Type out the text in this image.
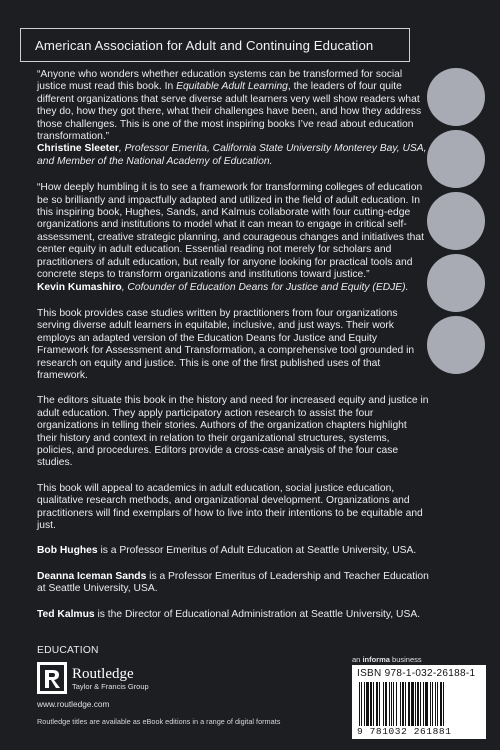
American Association for Adult and Continuing Education
“Anyone who wonders whether education systems can be transformed for social justice must read this book. In Equitable Adult Learning, the leaders of four quite different organizations that serve diverse adult learners very well show readers what they do, how they got there, what their challenges have been, and how they address those challenges. This is one of the most inspiring books I’ve read about education transformation.”
Christine Sleeter, Professor Emerita, California State University Monterey Bay, USA, and Member of the National Academy of Education.
“How deeply humbling it is to see a framework for transforming colleges of education be so brilliantly and impactfully adapted and utilized in the field of adult education. In this inspiring book, Hughes, Sands, and Kalmus collaborate with four cutting-edge organizations and institutions to model what it can mean to engage in critical self-assessment, creative strategic planning, and courageous changes and initiatives that center equity in adult education. Essential reading not merely for scholars and practitioners of adult education, but really for anyone looking for practical tools and concrete steps to transform organizations and institutions toward justice.”
Kevin Kumashiro, Cofounder of Education Deans for Justice and Equity (EDJE).

This book provides case studies written by practitioners from four organizations serving diverse adult learners in equitable, inclusive, and just ways. Their work employs an adapted version of the Education Deans for Justice and Equity Framework for Assessment and Transformation, a comprehensive tool grounded in research on equity and justice. This is one of the first published uses of that framework.

The editors situate this book in the history and need for increased equity and justice in adult education. They apply participatory action research to assist the four organizations in telling their stories. Authors of the organization chapters highlight their history and context in relation to their organizational structures, systems, policies, and procedures. Editors provide a cross-case analysis of the four case studies.

This book will appeal to academics in adult education, social justice education, qualitative research methods, and organizational development. Organizations and practitioners will find exemplars of how to live into their intentions to be equitable and just.

Bob Hughes is a Professor Emeritus of Adult Education at Seattle University, USA.

Deanna Iceman Sands is a Professor Emeritus of Leadership and Teacher Education at Seattle University, USA.

Ted Kalmus is the Director of Educational Administration at Seattle University, USA.

EDUCATION
Routledge
Taylor & Francis Group
www.routledge.com
Routledge titles are available as eBook editions in a range of digital formats
an informa business
ISBN 978-1-032-26188-1
9 781032 261881
